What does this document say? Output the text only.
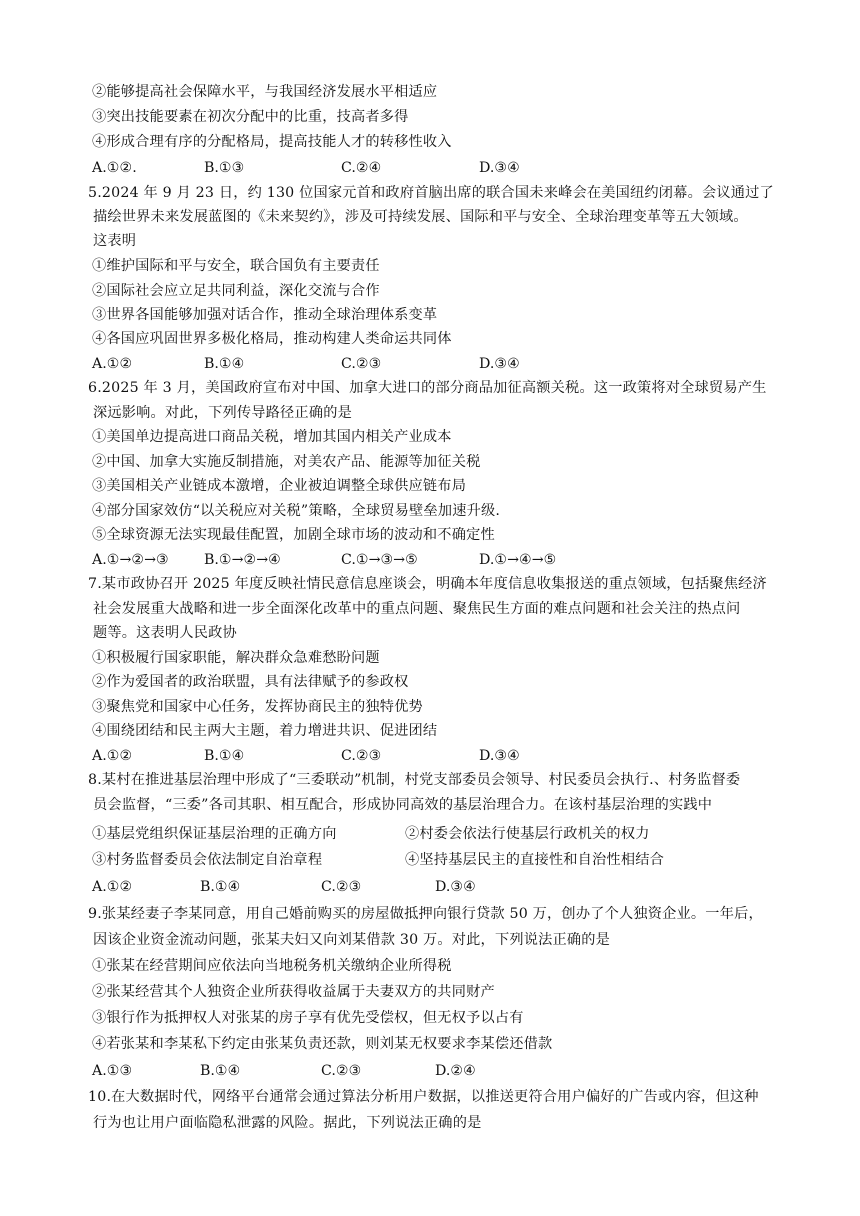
②能够提高社会保障水平，与我国经济发展水平相适应
③突出技能要素在初次分配中的比重，技高者多得
④形成合理有序的分配格局，提高技能人才的转移性收入
A.①②.	B.①③	C.②④	D.③④
5.2024 年 9 月 23 日，约 130 位国家元首和政府首脑出席的联合国未来峰会在美国纽约闭幕。会议通过了
描绘世界未来发展蓝图的《未来契约》，涉及可持续发展、国际和平与安全、全球治理变革等五大领域。
这表明
①维护国际和平与安全，联合国负有主要责任
②国际社会应立足共同利益，深化交流与合作
③世界各国能够加强对话合作，推动全球治理体系变革
④各国应巩固世界多极化格局，推动构建人类命运共同体
A.①②	B.①④	C.②③	D.③④
6.2025 年 3 月，美国政府宣布对中国、加拿大进口的部分商品加征高额关税。这一政策将对全球贸易产生
深远影响。对此，下列传导路径正确的是
①美国单边提高进口商品关税，增加其国内相关产业成本
②中国、加拿大实施反制措施，对美农产品、能源等加征关税
③美国相关产业链成本激增，企业被迫调整全球供应链布局
④部分国家效仿“以关税应对关税”策略，全球贸易壁垒加速升级.
⑤全球资源无法实现最佳配置，加剧全球市场的波动和不确定性
A.①→②→③ B.①→②→④	C.①→③→⑤	D.①→④→⑤
7.某市政协召开 2025 年度反映社情民意信息座谈会，明确本年度信息收集报送的重点领域，包括聚焦经济
社会发展重大战略和进一步全面深化改革中的重点问题、聚焦民生方面的难点问题和社会关注的热点问
题等。这表明人民政协
①积极履行国家职能，解决群众急难愁盼问题
②作为爱国者的政治联盟，具有法律赋予的参政权
③聚焦党和国家中心任务，发挥协商民主的独特优势
④围绕团结和民主两大主题，着力增进共识、促进团结
A.①②	B.①④	C.②③	D.③④
8.某村在推进基层治理中形成了“三委联动”机制，村党支部委员会领导、村民委员会执行.、村务监督委
员会监督，“三委”各司其职、相互配合，形成协同高效的基层治理合力。在该村基层治理的实践中
①基层党组织保证基层治理的正确方向	②村委会依法行使基层行政机关的权力
③村务监督委员会依法制定自治章程	④坚持基层民主的直接性和自治性相结合
A.①②	B.①④	C.②③	D.③④
9.张某经妻子李某同意，用自己婚前购买的房屋做抵押向银行贷款 50 万，创办了个人独资企业。一年后，
因该企业资金流动问题，张某夫妇又向刘某借款 30 万。对此，下列说法正确的是
①张某在经营期间应依法向当地税务机关缴纳企业所得税
②张某经营其个人独资企业所获得收益属于夫妻双方的共同财产
③银行作为抵押权人对张某的房子享有优先受偿权，但无权予以占有
④若张某和李某私下约定由张某负责还款，则刘某无权要求李某偿还借款
A.①③	B.①④	C.②③	D.②④
10.在大数据时代，网络平台通常会通过算法分析用户数据，以推送更符合用户偏好的广告或内容，但这种
行为也让用户面临隐私泄露的风险。据此，下列说法正确的是
